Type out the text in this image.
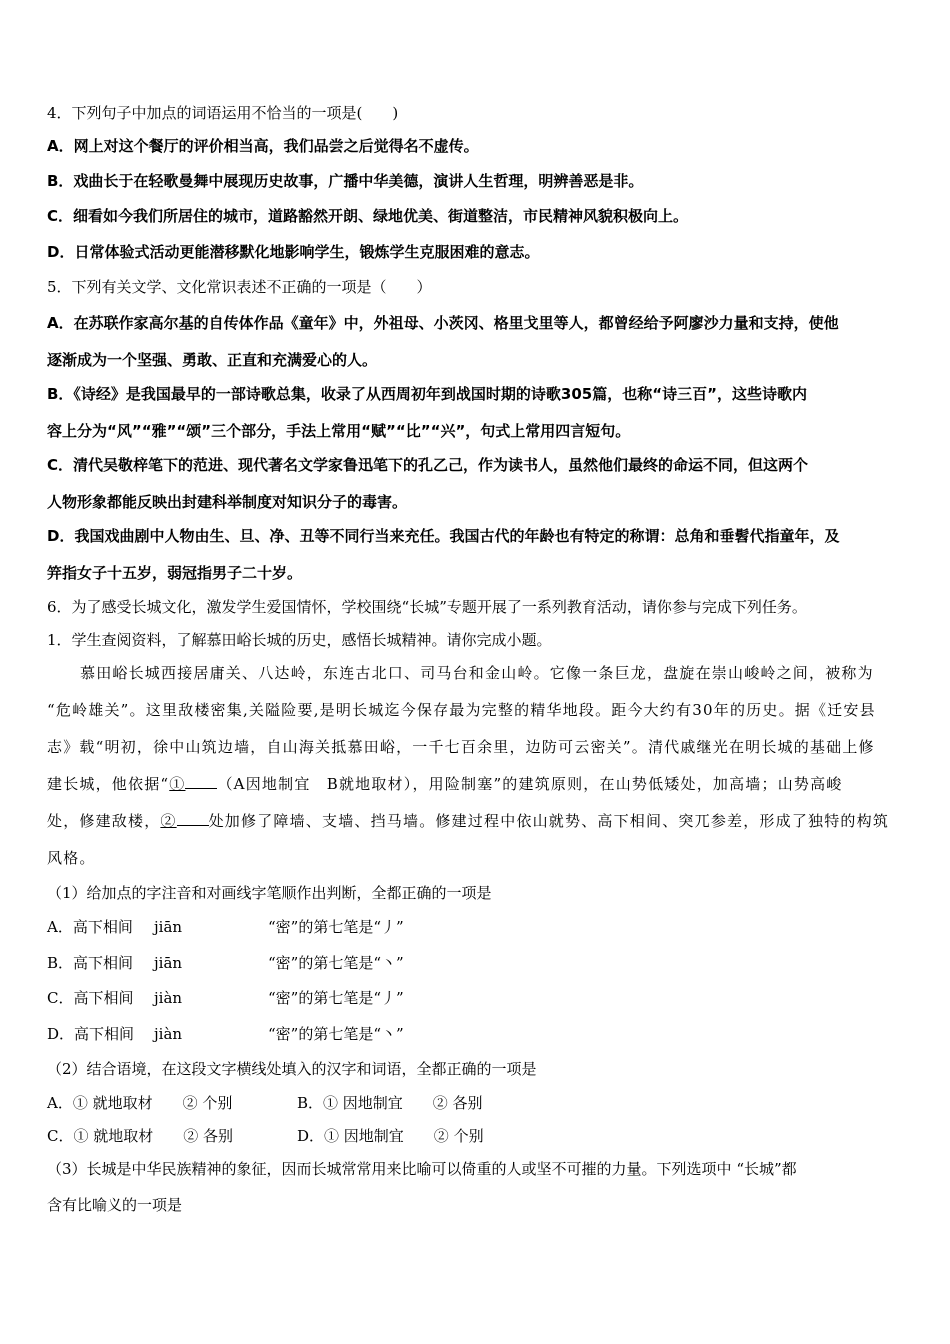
4．下列句子中加点的词语运用不恰当的一项是(　　)
A．网上对这个餐厅的评价相当高，我们品尝之后觉得名不虚传。
B．戏曲长于在轻歌曼舞中展现历史故事，广播中华美德，演讲人生哲理，明辨善恶是非。
C．细看如今我们所居住的城市，道路豁然开朗、绿地优美、街道整洁，市民精神风貌积极向上。
D．日常体验式活动更能潜移默化地影响学生，锻炼学生克服困难的意志。
5．下列有关文学、文化常识表述不正确的一项是（　　）
A．在苏联作家高尔基的自传体作品《童年》中，外祖母、小茨冈、格里戈里等人，都曾经给予阿廖沙力量和支持，使他
逐渐成为一个坚强、勇敢、正直和充满爱心的人。
B．《诗经》是我国最早的一部诗歌总集，收录了从西周初年到战国时期的诗歌305篇，也称“诗三百”，这些诗歌内
容上分为“风”“雅”“颂”三个部分，手法上常用“赋”“比”“兴”，句式上常用四言短句。
C．清代吴敬梓笔下的范进、现代著名文学家鲁迅笔下的孔乙己，作为读书人，虽然他们最终的命运不同，但这两个
人物形象都能反映出封建科举制度对知识分子的毒害。
D．我国戏曲剧中人物由生、旦、净、丑等不同行当来充任。我国古代的年龄也有特定的称谓：总角和垂髫代指童年，及
笄指女子十五岁，弱冠指男子二十岁。
6．为了感受长城文化，激发学生爱国情怀，学校围绕“长城”专题开展了一系列教育活动，请你参与完成下列任务。
1．学生查阅资料，了解慕田峪长城的历史，感悟长城精神。请你完成小题。
慕田峪长城西接居庸关、八达岭，东连古北口、司马台和金山岭。它像一条巨龙，盘旋在崇山峻岭之间，被称为
“危岭雄关”。这里敌楼密集,关隘险要,是明长城迄今保存最为完整的精华地段。距今大约有30年的历史。据《迁安县
志》载“明初，徐中山筑边墙，自山海关抵慕田峪，一千七百余里，边防可云密关”。清代戚继光在明长城的基础上修
建长城，他依据“① （A因地制宜　B就地取材），用险制塞”的建筑原则，在山势低矮处，加高墙；山势高峻
处，修建敌楼，② 处加修了障墙、支墙、挡马墙。修建过程中依山就势、高下相间、突兀参差，形成了独特的构筑
风格。
（1）给加点的字注音和对画线字笔顺作出判断，全都正确的一项是
A．高下相间 jiān	“密”的第七笔是“丿”
B．高下相间 jiān	“密”的第七笔是“丶”
C．高下相间 jiàn	“密”的第七笔是“丿”
D．高下相间 jiàn	“密”的第七笔是“丶”
（2）结合语境，在这段文字横线处填入的汉字和词语，全都正确的一项是
A．① 就地取材　　② 个别	B．① 因地制宜　　② 各别
C．① 就地取材　　② 各别	D．① 因地制宜　　② 个别
（3）长城是中华民族精神的象征，因而长城常常用来比喻可以倚重的人或坚不可摧的力量。下列选项中 “长城”都
含有比喻义的一项是
